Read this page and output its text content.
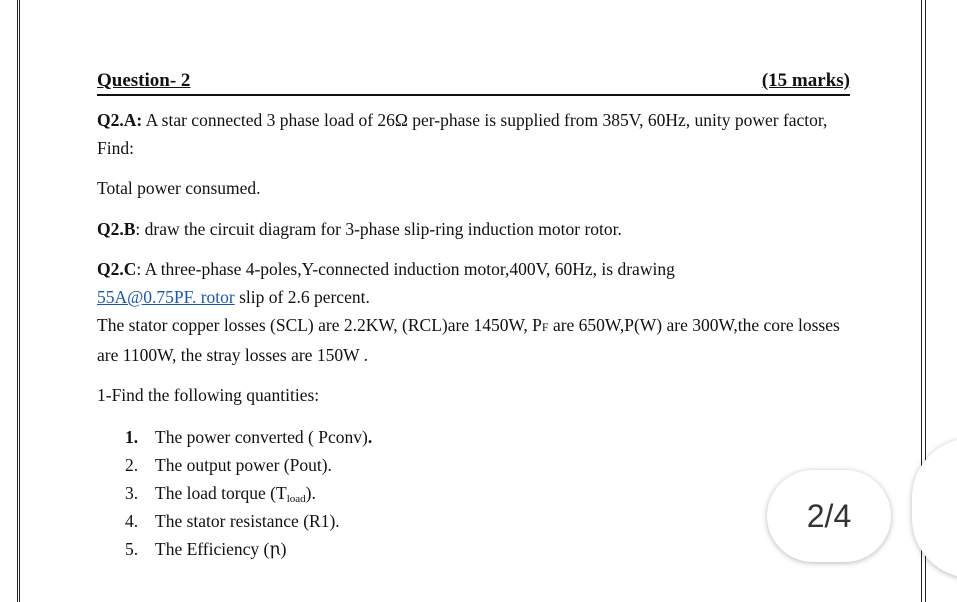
Question- 2	(15 marks)

Q2.A: A star connected 3 phase load of 26Ω per-phase is supplied from 385V, 60Hz, unity power factor, Find:

Total power consumed.

Q2.B: draw the circuit diagram for 3-phase slip-ring induction motor rotor.

Q2.C: A three-phase 4-poles,Y-connected induction motor,400V, 60Hz, is drawing
55A@0.75PF. rotor slip of 2.6 percent.
The stator copper losses (SCL) are 2.2KW, (RCL)are 1450W, PF are 650W,P(W) are 300W,the core losses are 1100W, the stray losses are 150W .

1-Find the following quantities:

1. The power converted ( Pconv).
2. The output power (Pout).
3. The load torque $(T_{load})$.
4. The stator resistance (R1).
5. The Efficiency (ꞃ)
2/4
